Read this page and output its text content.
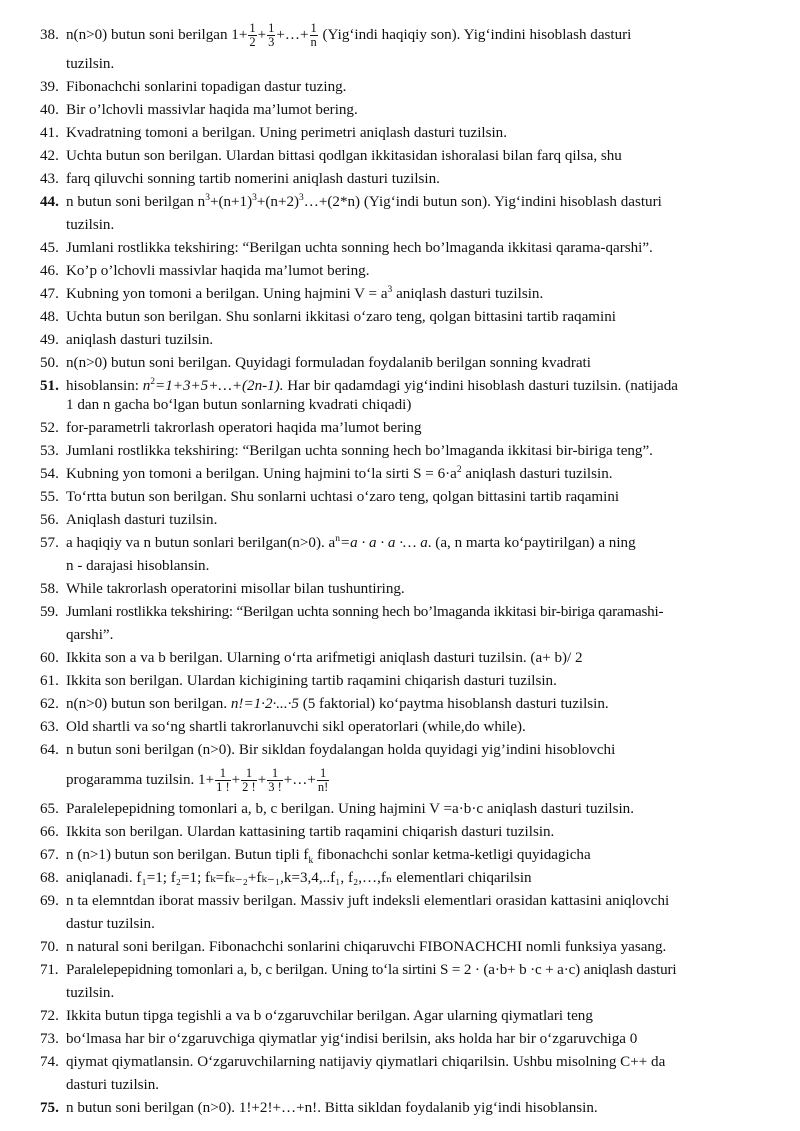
38. n(n>0) butun soni berilgan $1+ \frac{1}{2} + \frac{1}{3}$ +…+ $\frac{1}{n}$ (Yig‘indi haqiqiy son). Yig‘indini hisoblash dasturi
tuzilsin.
39. Fibonachchi sonlarini topadigan dastur tuzing.
40. Bir o’lchovli massivlar haqida ma’lumot bering.
41. Kvadratning tomoni a berilgan. Uning perimetri aniqlash dasturi tuzilsin.
42. Uchta butun son berilgan. Ulardan bittasi qodlgan ikkitasidan ishoralasi bilan farq qilsa, shu
43. farq qiluvchi sonning tartib nomerini aniqlash dasturi tuzilsin.
44. n butun soni berilgan $n^3+(n+1)^3+(n+2)^3\dots+(2*n)$ (Yig‘indi butun son). Yig‘indini hisoblash dasturi
tuzilsin.
45. Jumlani rostlikka tekshiring: “Berilgan uchta sonning hech bo’lmaganda ikkitasi qarama-qarshi”.
46. Ko’p o’lchovli massivlar haqida ma’lumot bering.
47. Kubning yon tomoni a berilgan. Uning hajmini $V = a^3$ aniqlash dasturi tuzilsin.
48. Uchta butun son berilgan. Shu sonlarni ikkitasi o‘zaro teng, qolgan bittasini tartib raqamini
49. aniqlash dasturi tuzilsin.
50. n(n>0) butun soni berilgan. Quyidagi formuladan foydalanib berilgan sonning kvadrati
51. hisoblansin: $n^2=1+3+5+\dots+(2n-1)$. Har bir qadamdagi yig‘indini hisoblash dasturi tuzilsin. (natijada
1 dan n gacha bo‘lgan butun sonlarning kvadrati chiqadi)
52. for-parametrli takrorlash operatori haqida ma’lumot bering
53. Jumlani rostlikka tekshiring: “Berilgan uchta sonning hech bo’lmaganda ikkitasi bir-biriga teng”.
54. Kubning yon tomoni a berilgan. Uning hajmini to‘la sirti $S = 6\cdot a^2$ aniqlash dasturi tuzilsin.
55. To‘rtta butun son berilgan. Shu sonlarni uchtasi o‘zaro teng, qolgan bittasini tartib raqamini
56. Aniqlash dasturi tuzilsin.
57. a haqiqiy va n butun sonlari berilgan(n>0). $a^n=a \cdot a \cdot a$ ·… a. (a, n marta ko‘paytirilgan) a ning
n - darajasi hisoblansin.
58. While takrorlash operatorini misollar bilan tushuntiring.
59. Jumlani rostlikka tekshiring: “Berilgan uchta sonning hech bo’lmaganda ikkitasi bir-biriga qaramashi-
qarshi”.
60. Ikkita son a va b berilgan. Ularning o‘rta arifmetigi aniqlash dasturi tuzilsin. (a+ b)/ 2
61. Ikkita son berilgan. Ulardan kichigining tartib raqamini chiqarish dasturi tuzilsin.
62. n(n>0) butun son berilgan. n!=1·2·...·5 (5 faktorial) ko‘paytma hisoblansh dasturi tuzilsin.
63. Old shartli va so‘ng shartli takrorlanuvchi sikl operatorlari (while,do while).
64. n butun soni berilgan (n>0). Bir sikldan foydalangan holda quyidagi yig’indini hisoblovchi
progaramma tuzilsin. $1+ \frac{1}{1 !} + \frac{1}{2 !} + \frac{1}{3 !}$ +…+ $\frac{1}{n!}$
65. Paralelepepidning tomonlari a, b, c berilgan. Uning hajmini V =a·b·c aniqlash dasturi tuzilsin.
66. Ikkita son berilgan. Ulardan kattasining tartib raqamini chiqarish dasturi tuzilsin.
67. n (n>1) butun son berilgan. Butun tipli $f_k$ fibonachchi sonlar ketma-ketligi quyidagicha
68. aniqlanadi. f₁=1; f₂=1; fₖ=fₖ₋₂+fₖ₋₁,k=3,4,..f₁, f₂,…,fₙ elementlari chiqarilsin
69. n ta elemntdan iborat massiv berilgan. Massiv juft indeksli elementlari orasidan kattasini aniqlovchi
dastur tuzilsin.
70. n natural soni berilgan. Fibonachchi sonlarini chiqaruvchi FIBONACHCHI nomli funksiya yasang.
71. Paralelepepidning tomonlari a, b, c berilgan. Uning to‘la sirtini S = 2 · (a·b+ b ·c + a·c) aniqlash dasturi
tuzilsin.
72. Ikkita butun tipga tegishli a va b o‘zgaruvchilar berilgan. Agar ularning qiymatlari teng
73. bo‘lmasa har bir o‘zgaruvchiga qiymatlar yig‘indisi berilsin, aks holda har bir o‘zgaruvchiga 0
74. qiymat qiymatlansin. O‘zgaruvchilarning natijaviy qiymatlari chiqarilsin. Ushbu misolning C++ da
dasturi tuzilsin.
75. n butun soni berilgan (n>0). 1!+2!+…+n!. Bitta sikldan foydalanib yig‘indi hisoblansin.
